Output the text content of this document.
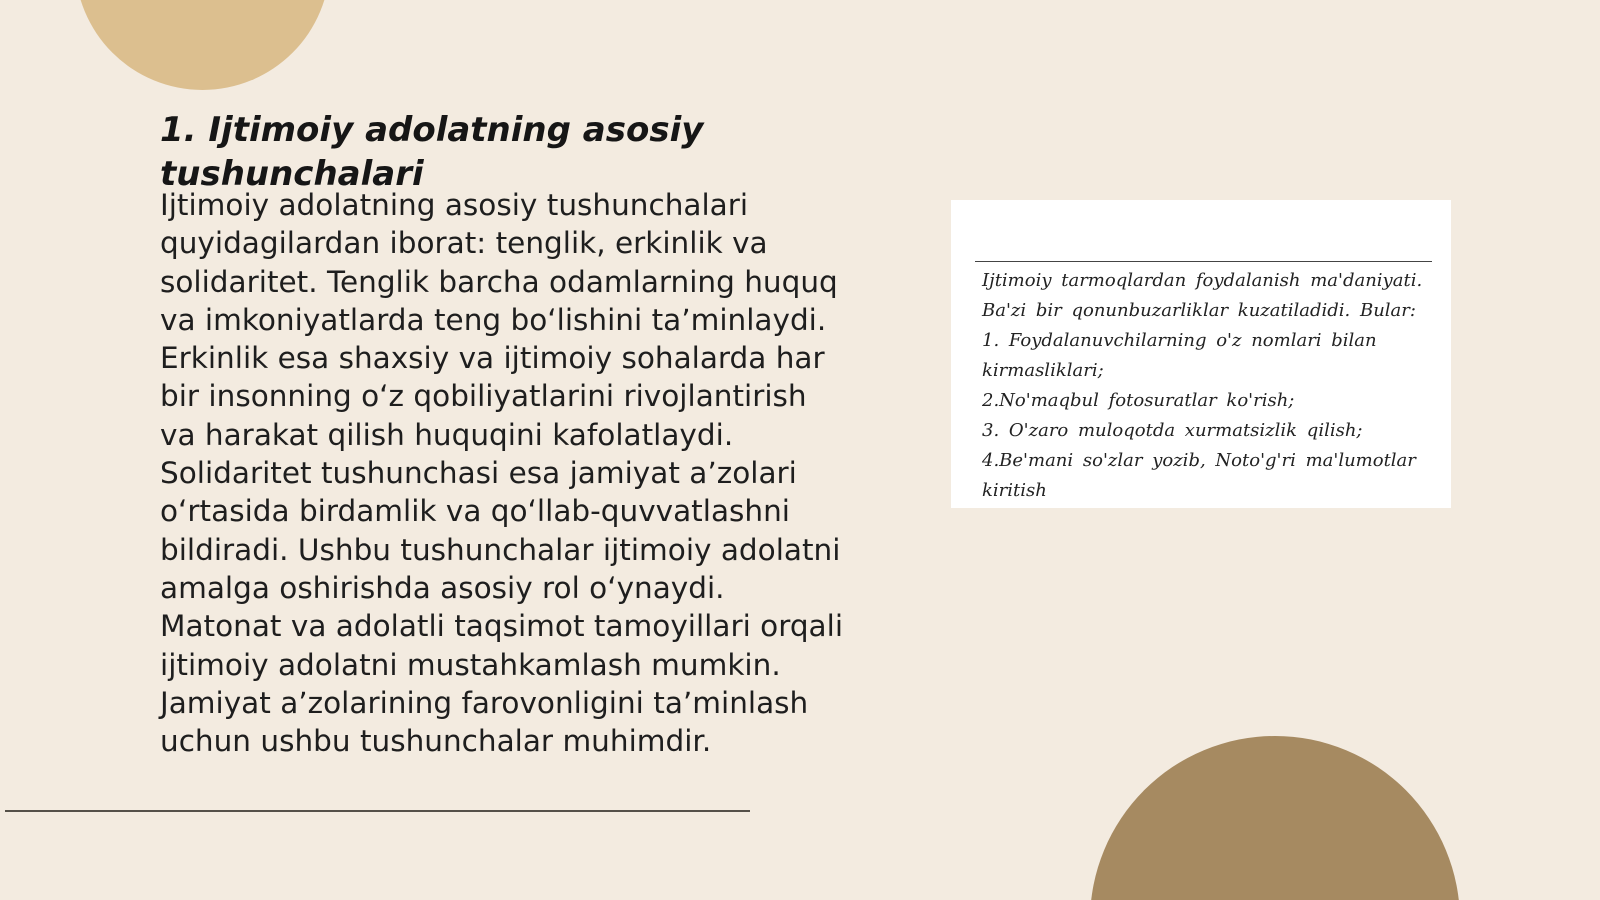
1. Ijtimoiy adolatning asosiy tushunchalari

Ijtimoiy adolatning asosiy tushunchalari quyidagilardan iborat: tenglik, erkinlik va solidaritet. Tenglik barcha odamlarning huquq va imkoniyatlarda teng boʻlishini taʼminlaydi. Erkinlik esa shaxsiy va ijtimoiy sohalarda har bir insonning oʻz qobiliyatlarini rivojlantirish va harakat qilish huquqini kafolatlaydi. Solidaritet tushunchasi esa jamiyat aʼzolari oʻrtasida birdamlik va qoʻllab-quvvatlashni bildiradi. Ushbu tushunchalar ijtimoiy adolatni amalga oshirishda asosiy rol oʻynaydi. Matonat va adolatli taqsimot tamoyillari orqali ijtimoiy adolatni mustahkamlash mumkin. Jamiyat aʼzolarining farovonligini taʼminlash uchun ushbu tushunchalar muhimdir.

Ijtimoiy tarmoqlardan foydalanish ma'daniyati.
Ba'zi bir qonunbuzarliklar kuzatiladidi. Bular:
1. Foydalanuvchilarning o'z nomlari bilan
kirmasliklari;
2.No'maqbul fotosuratlar ko'rish;
3. O'zaro muloqotda xurmatsizlik qilish;
4.Be'mani so'zlar yozib, Noto'g'ri ma'lumotlar
kiritish
